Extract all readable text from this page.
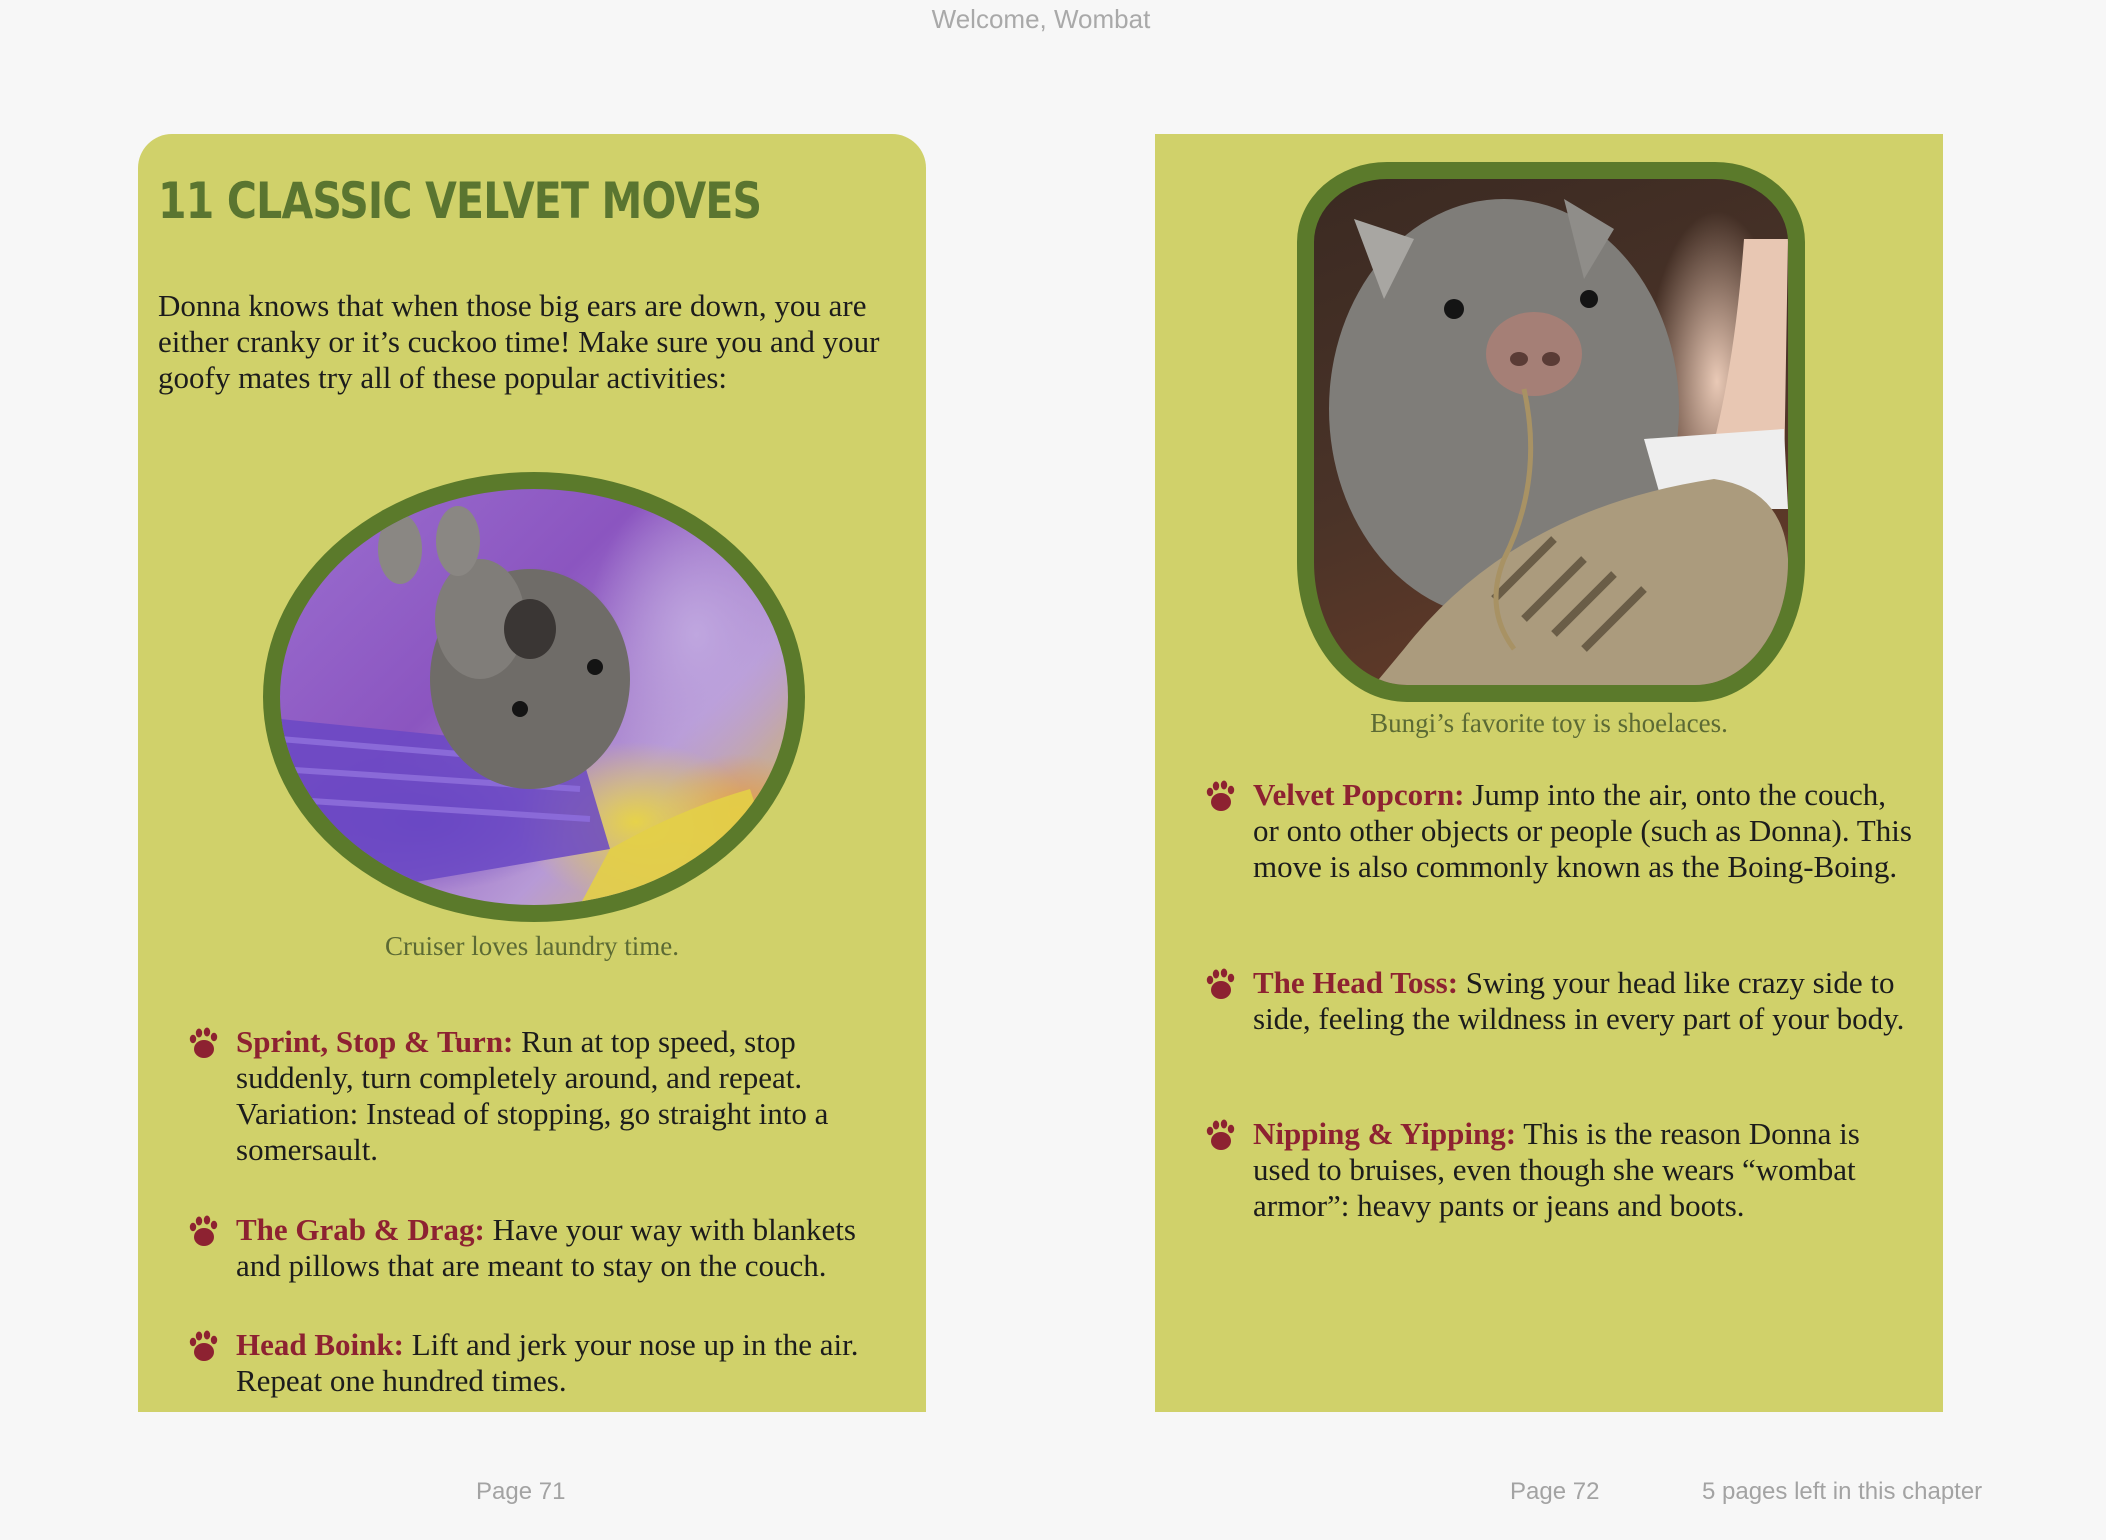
Welcome, Wombat
11 CLASSIC VELVET MOVES

Donna knows that when those big ears are down, you are either cranky or it’s cuckoo time! Make sure you and your goofy mates try all of these popular activities:

Cruiser loves laundry time.

Sprint, Stop & Turn: Run at top speed, stop suddenly, turn completely around, and repeat. Variation: Instead of stopping, go straight into a somersault.
The Grab & Drag: Have your way with blankets and pillows that are meant to stay on the couch.
Head Boink: Lift and jerk your nose up in the air. Repeat one hundred times.

Bungi’s favorite toy is shoelaces.

Velvet Popcorn: Jump into the air, onto the couch, or onto other objects or people (such as Donna). This move is also commonly known as the Boing-Boing.
The Head Toss: Swing your head like crazy side to side, feeling the wildness in every part of your body.
Nipping & Yipping: This is the reason Donna is used to bruises, even though she wears “wombat armor”: heavy pants or jeans and boots.
Page 71	Page 72	5 pages left in this chapter
